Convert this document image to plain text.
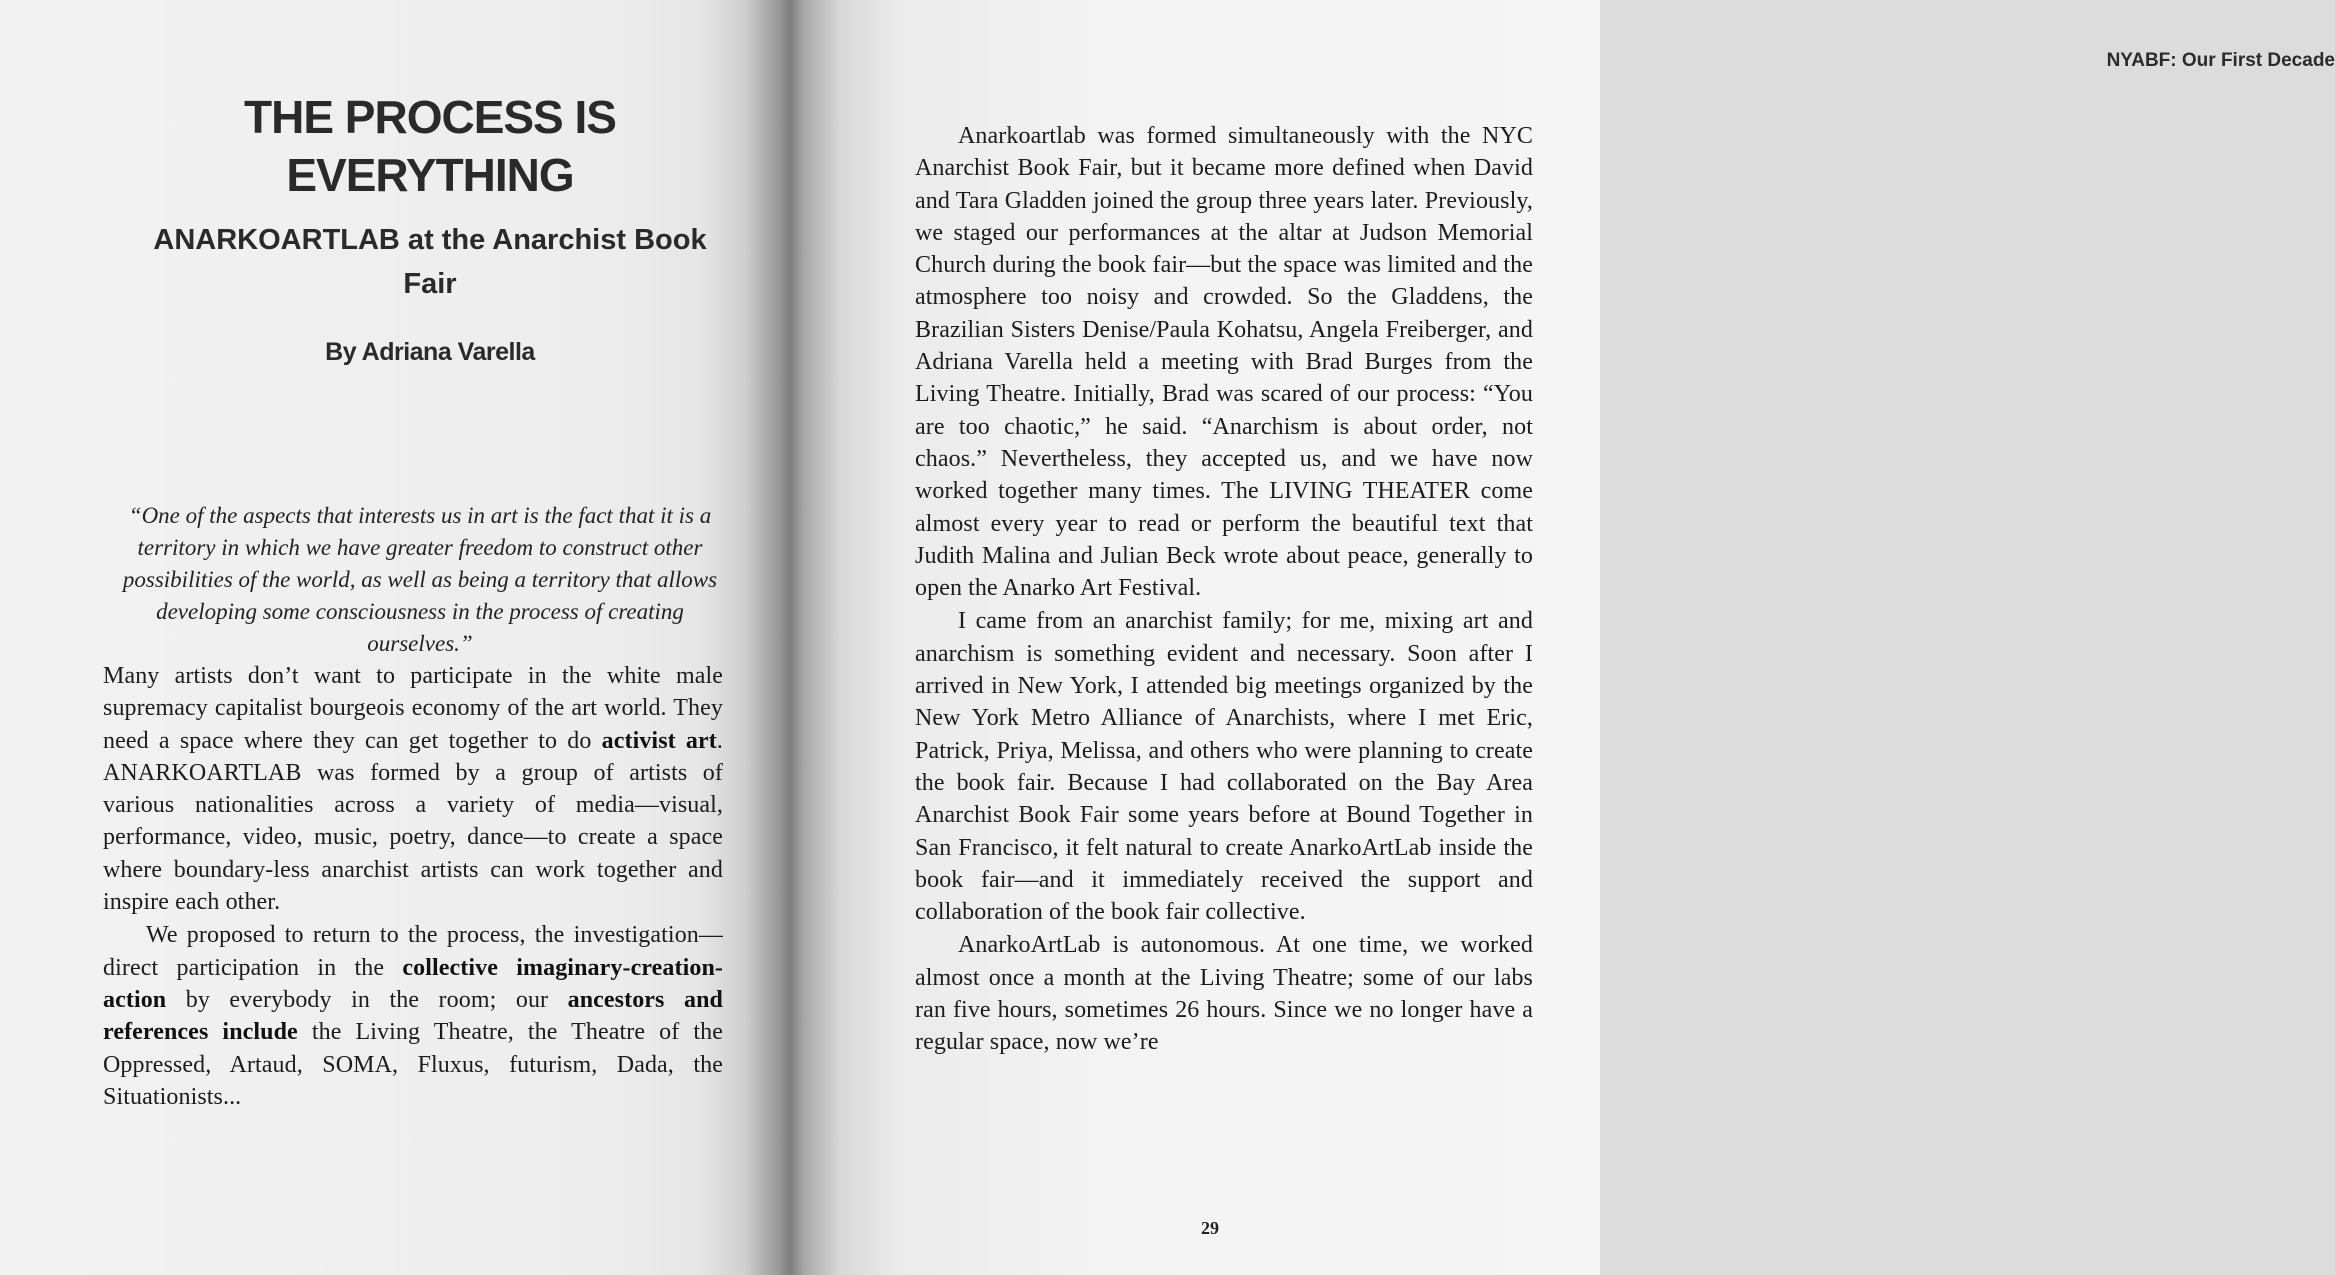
THE PROCESS IS EVERYTHING
ANARKOARTLAB at the Anarchist Book Fair

By Adriana Varella

“One of the aspects that interests us in art is the fact that it is a territory in which we have greater freedom to construct other possibilities of the world, as well as being a territory that allows developing some consciousness in the process of creating ourselves.”

Many artists don’t want to participate in the white male supremacy capitalist bourgeois economy of the art world. They need a space where they can get together to do activist art. ANARKOARTLAB was formed by a group of artists of various nationalities across a variety of media—visual, performance, video, music, poetry, dance—to create a space where boundary-less anarchist artists can work together and inspire each other.

We proposed to return to the process, the investigation—direct participation in the collective imaginary-creation-action by everybody in the room; our ancestors and references include the Living Theatre, the Theatre of the Oppressed, Artaud, SOMA, Fluxus, futurism, Dada, the Situationists...

NYABF: Our First Decade

Anarkoartlab was formed simultaneously with the NYC Anarchist Book Fair, but it became more defined when David and Tara Gladden joined the group three years later. Previously, we staged our performances at the altar at Judson Memorial Church during the book fair—but the space was limited and the atmosphere too noisy and crowded. So the Gladdens, the Brazilian Sisters Denise/Paula Kohatsu, Angela Freiberger, and Adriana Varella held a meeting with Brad Burges from the Living Theatre. Initially, Brad was scared of our process: “You are too chaotic,” he said. “Anarchism is about order, not chaos.” Nevertheless, they accepted us, and we have now worked together many times. The LIVING THEATER come almost every year to read or perform the beautiful text that Judith Malina and Julian Beck wrote about peace, generally to open the Anarko Art Festival.

I came from an anarchist family; for me, mixing art and anarchism is something evident and necessary. Soon after I arrived in New York, I attended big meetings organized by the New York Metro Alliance of Anarchists, where I met Eric, Patrick, Priya, Melissa, and others who were planning to create the book fair. Because I had collaborated on the Bay Area Anarchist Book Fair some years before at Bound Together in San Francisco, it felt natural to create AnarkoArtLab inside the book fair—and it immediately received the support and collaboration of the book fair collective.

AnarkoArtLab is autonomous. At one time, we worked almost once a month at the Living Theatre; some of our labs ran five hours, sometimes 26 hours. Since we no longer have a regular space, now we’re

29
